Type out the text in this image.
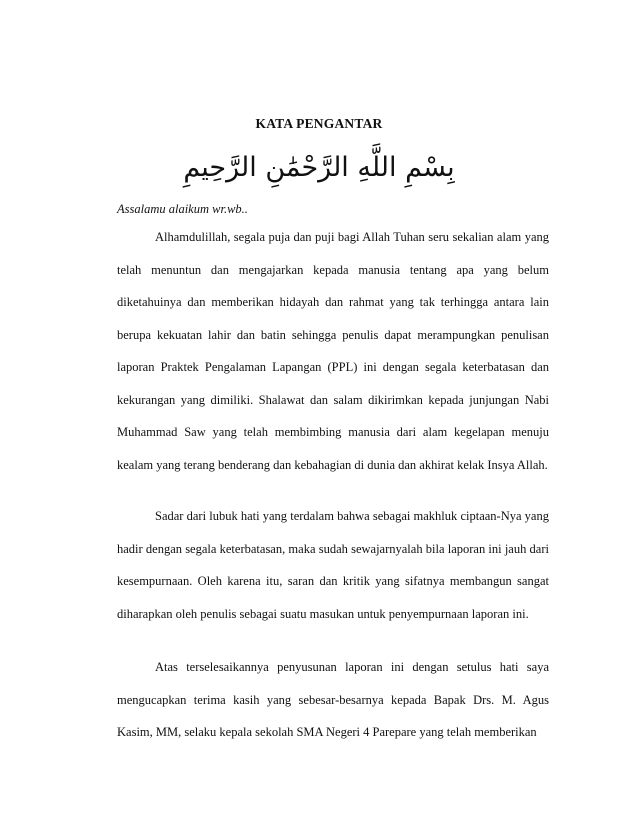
KATA PENGANTAR
بِسْمِ اللَّهِ الرَّحْمَٰنِ الرَّحِيمِ
Assalamu alaikum wr.wb..

Alhamdulillah, segala puja dan puji bagi Allah Tuhan seru sekalian alam yang telah menuntun dan mengajarkan kepada manusia tentang apa yang belum diketahuinya dan memberikan hidayah dan rahmat yang tak terhingga antara lain berupa kekuatan lahir dan batin sehingga penulis dapat merampungkan penulisan laporan Praktek Pengalaman Lapangan (PPL) ini dengan segala keterbatasan dan kekurangan yang dimiliki. Shalawat dan salam dikirimkan kepada junjungan Nabi Muhammad Saw yang telah membimbing manusia dari alam kegelapan menuju kealam yang terang benderang dan kebahagian di dunia dan akhirat kelak Insya Allah.

Sadar dari lubuk hati yang terdalam bahwa sebagai makhluk ciptaan-Nya yang hadir dengan segala keterbatasan, maka sudah sewajarnyalah bila laporan ini jauh dari kesempurnaan. Oleh karena itu, saran dan kritik yang sifatnya membangun sangat diharapkan oleh penulis sebagai suatu masukan untuk penyempurnaan laporan ini.

Atas terselesaikannya penyusunan laporan ini dengan setulus hati saya mengucapkan terima kasih yang sebesar-besarnya kepada Bapak Drs. M. Agus Kasim, MM, selaku kepala sekolah SMA Negeri 4 Parepare yang telah memberikan
